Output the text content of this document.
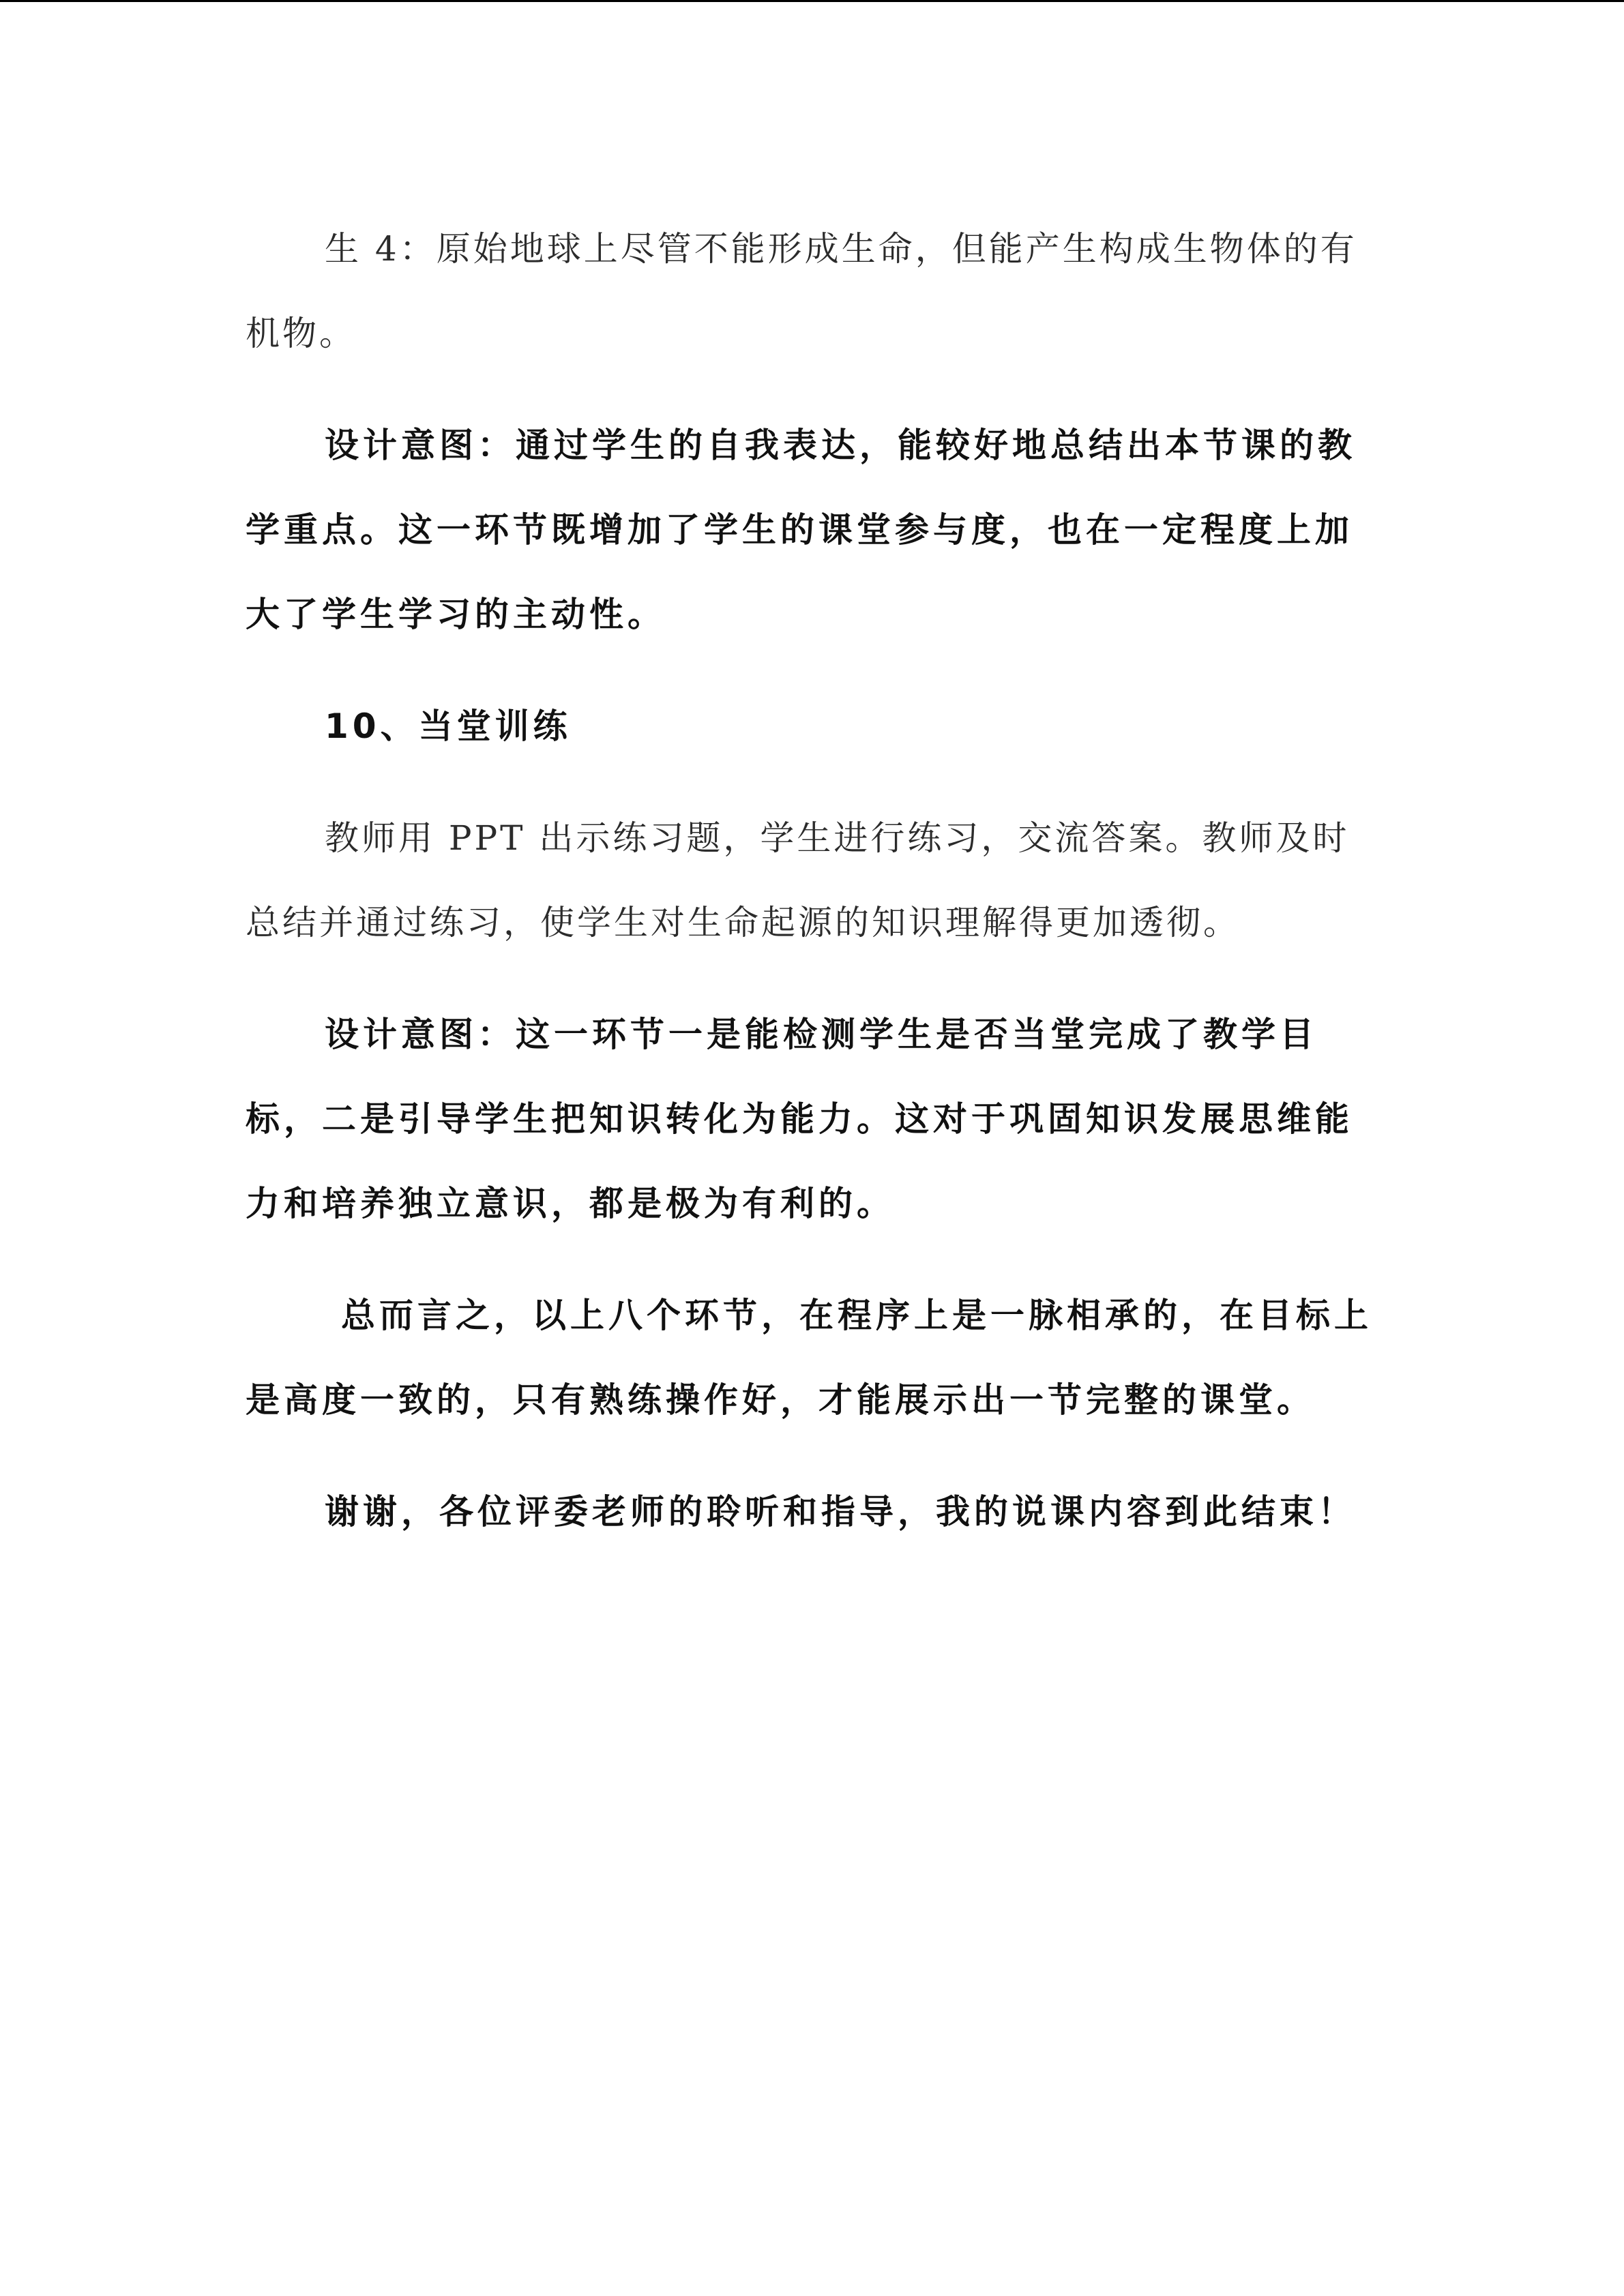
生 4：原始地球上尽管不能形成生命，但能产生构成生物体的有机物。

设计意图：通过学生的自我表达，能较好地总结出本节课的教学重点。这一环节既增加了学生的课堂参与度，也在一定程度上加大了学生学习的主动性。

10、当堂训练

教师用 PPT 出示练习题，学生进行练习，交流答案。教师及时总结并通过练习，使学生对生命起源的知识理解得更加透彻。

设计意图：这一环节一是能检测学生是否当堂完成了教学目标，二是引导学生把知识转化为能力。这对于巩固知识发展思维能力和培养独立意识，都是极为有利的。

总而言之，以上八个环节，在程序上是一脉相承的，在目标上是高度一致的，只有熟练操作好，才能展示出一节完整的课堂。

谢谢，各位评委老师的聆听和指导，我的说课内容到此结束！
